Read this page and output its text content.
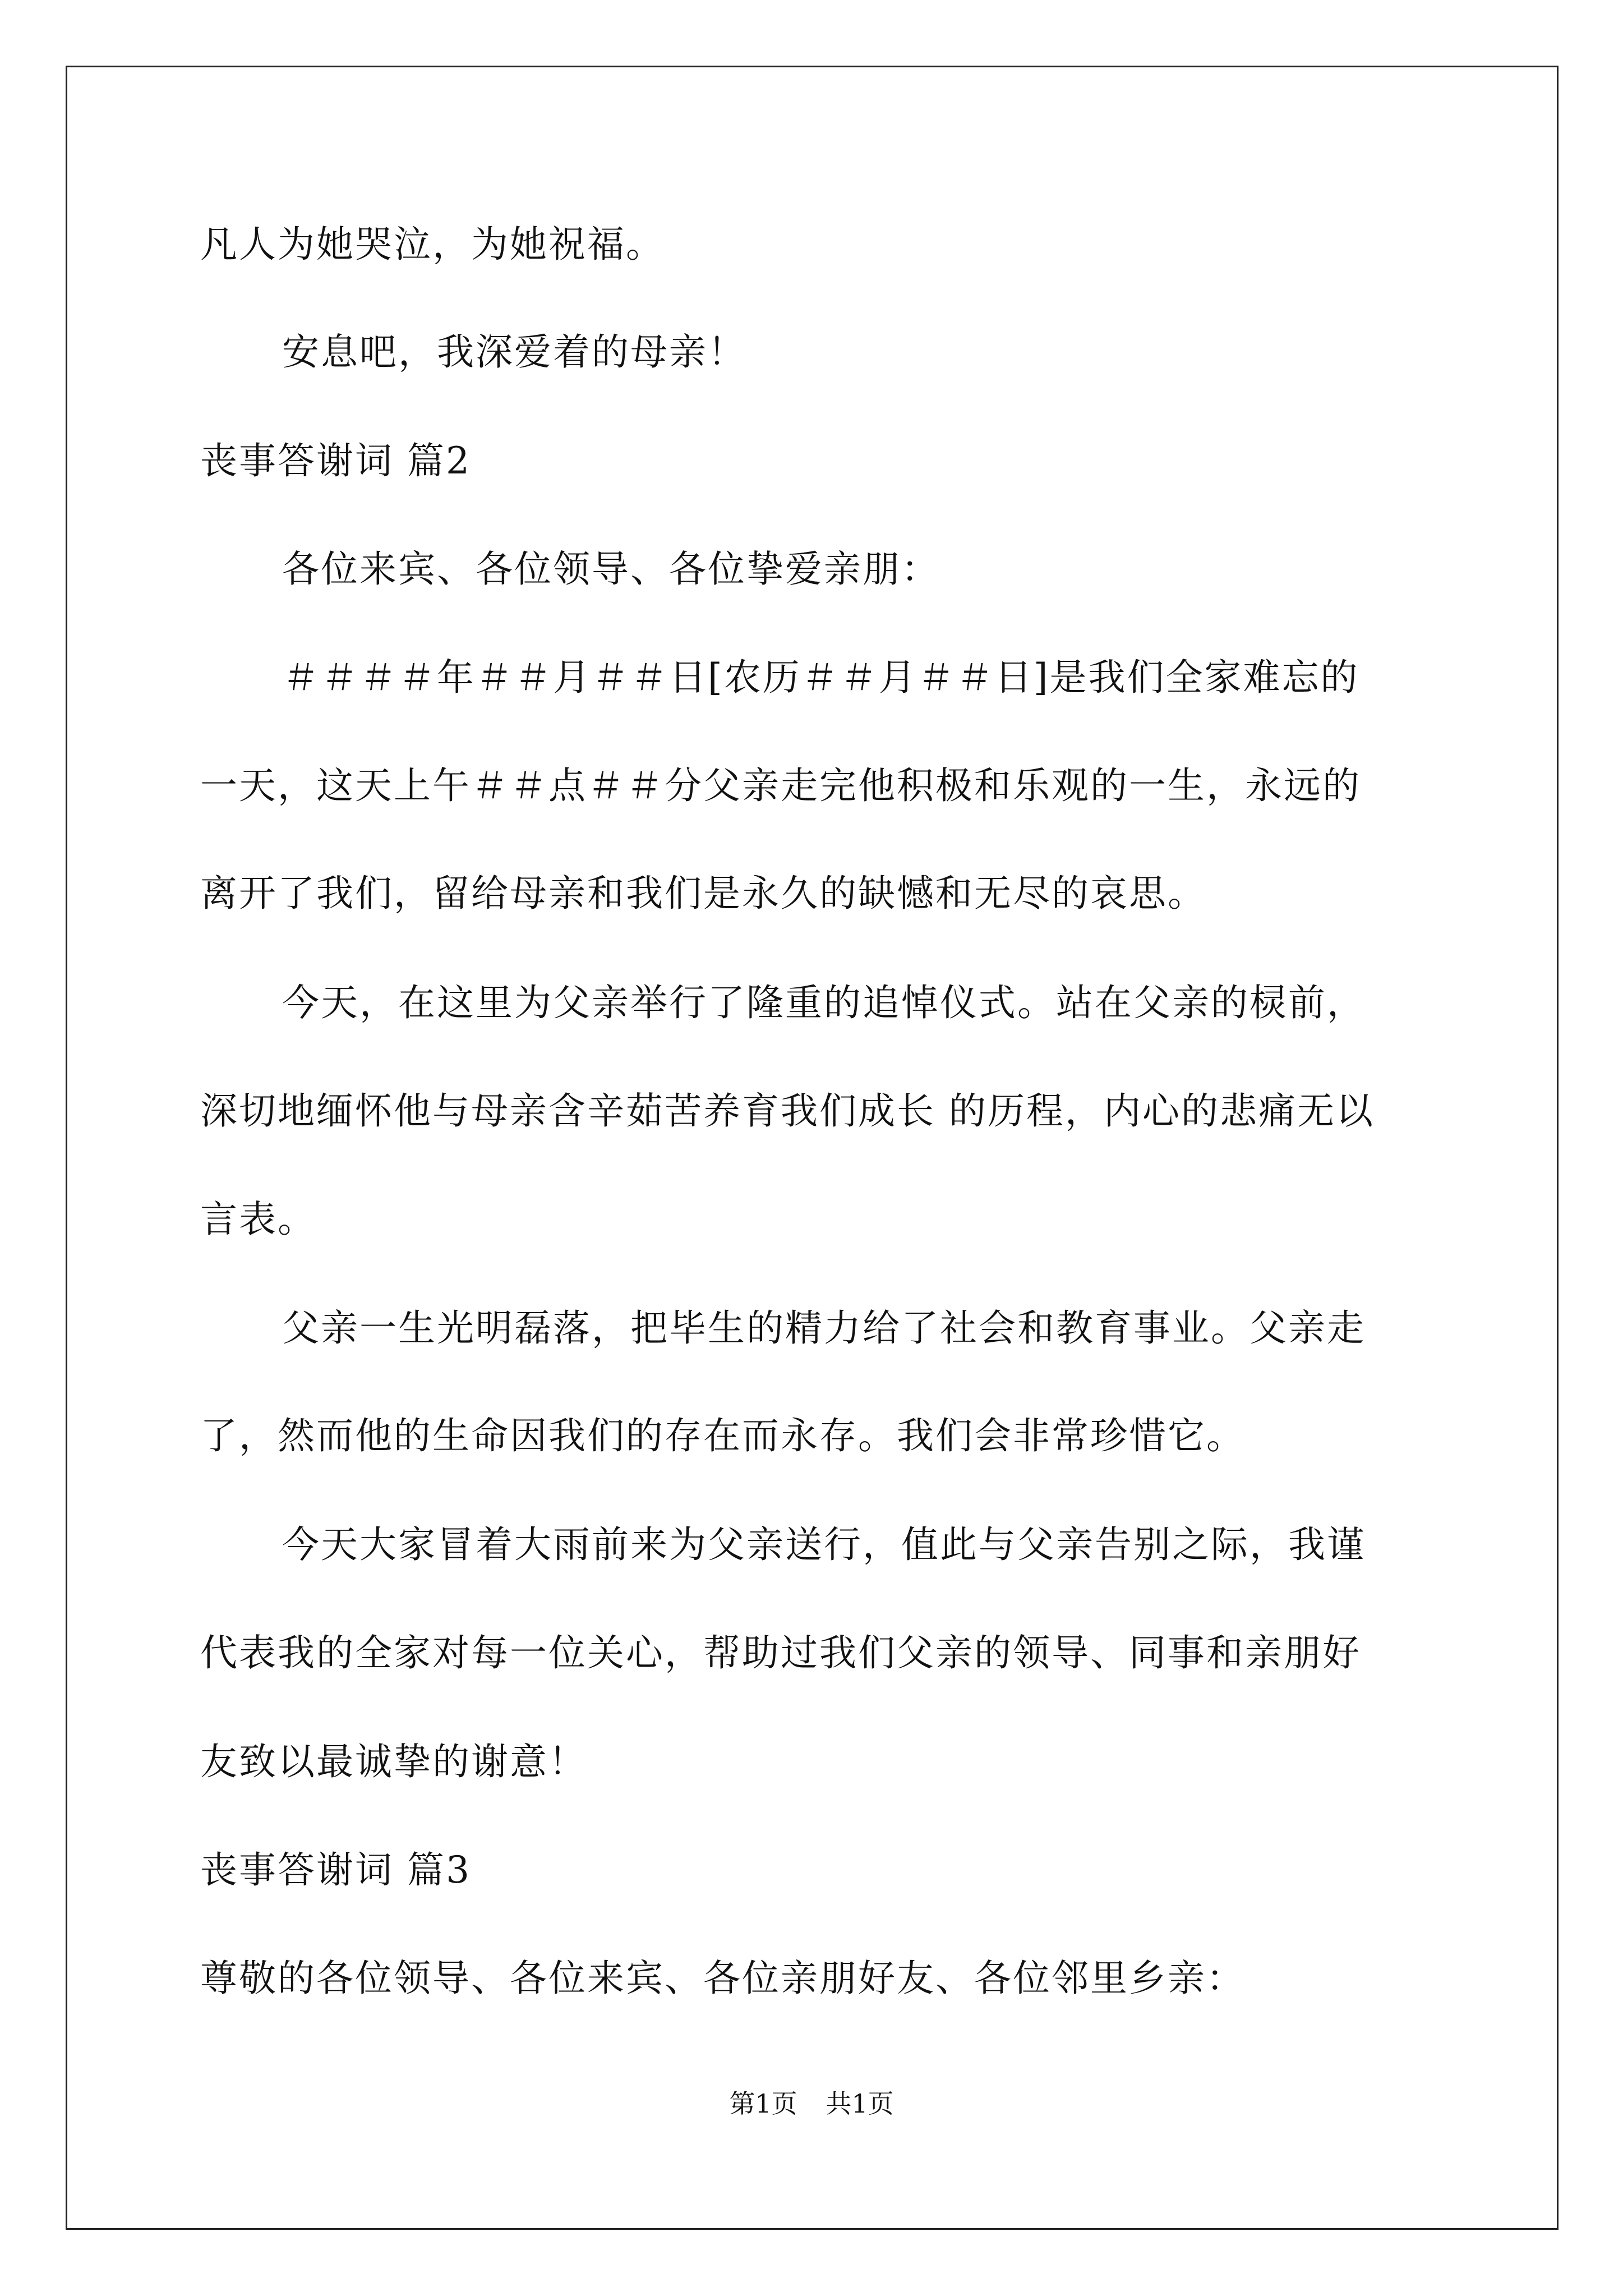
凡人为她哭泣，为她祝福。
安息吧，我深爱着的母亲！
丧事答谢词 篇2
各位来宾、各位领导、各位挚爱亲朋：
＃＃＃＃年＃＃月＃＃日[农历＃＃月＃＃日]是我们全家难忘的
一天，这天上午＃＃点＃＃分父亲走完他积极和乐观的一生，永远的
离开了我们，留给母亲和我们是永久的缺憾和无尽的哀思。
今天，在这里为父亲举行了隆重的追悼仪式。站在父亲的棂前，
深切地缅怀他与母亲含辛茹苦养育我们成长 的历程，内心的悲痛无以
言表。
父亲一生光明磊落，把毕生的精力给了社会和教育事业。父亲走
了，然而他的生命因我们的存在而永存。我们会非常珍惜它。
今天大家冒着大雨前来为父亲送行，值此与父亲告别之际，我谨
代表我的全家对每一位关心，帮助过我们父亲的领导、同事和亲朋好
友致以最诚挚的谢意！
丧事答谢词 篇3
尊敬的各位领导、各位来宾、各位亲朋好友、各位邻里乡亲：
第1页 共1页
